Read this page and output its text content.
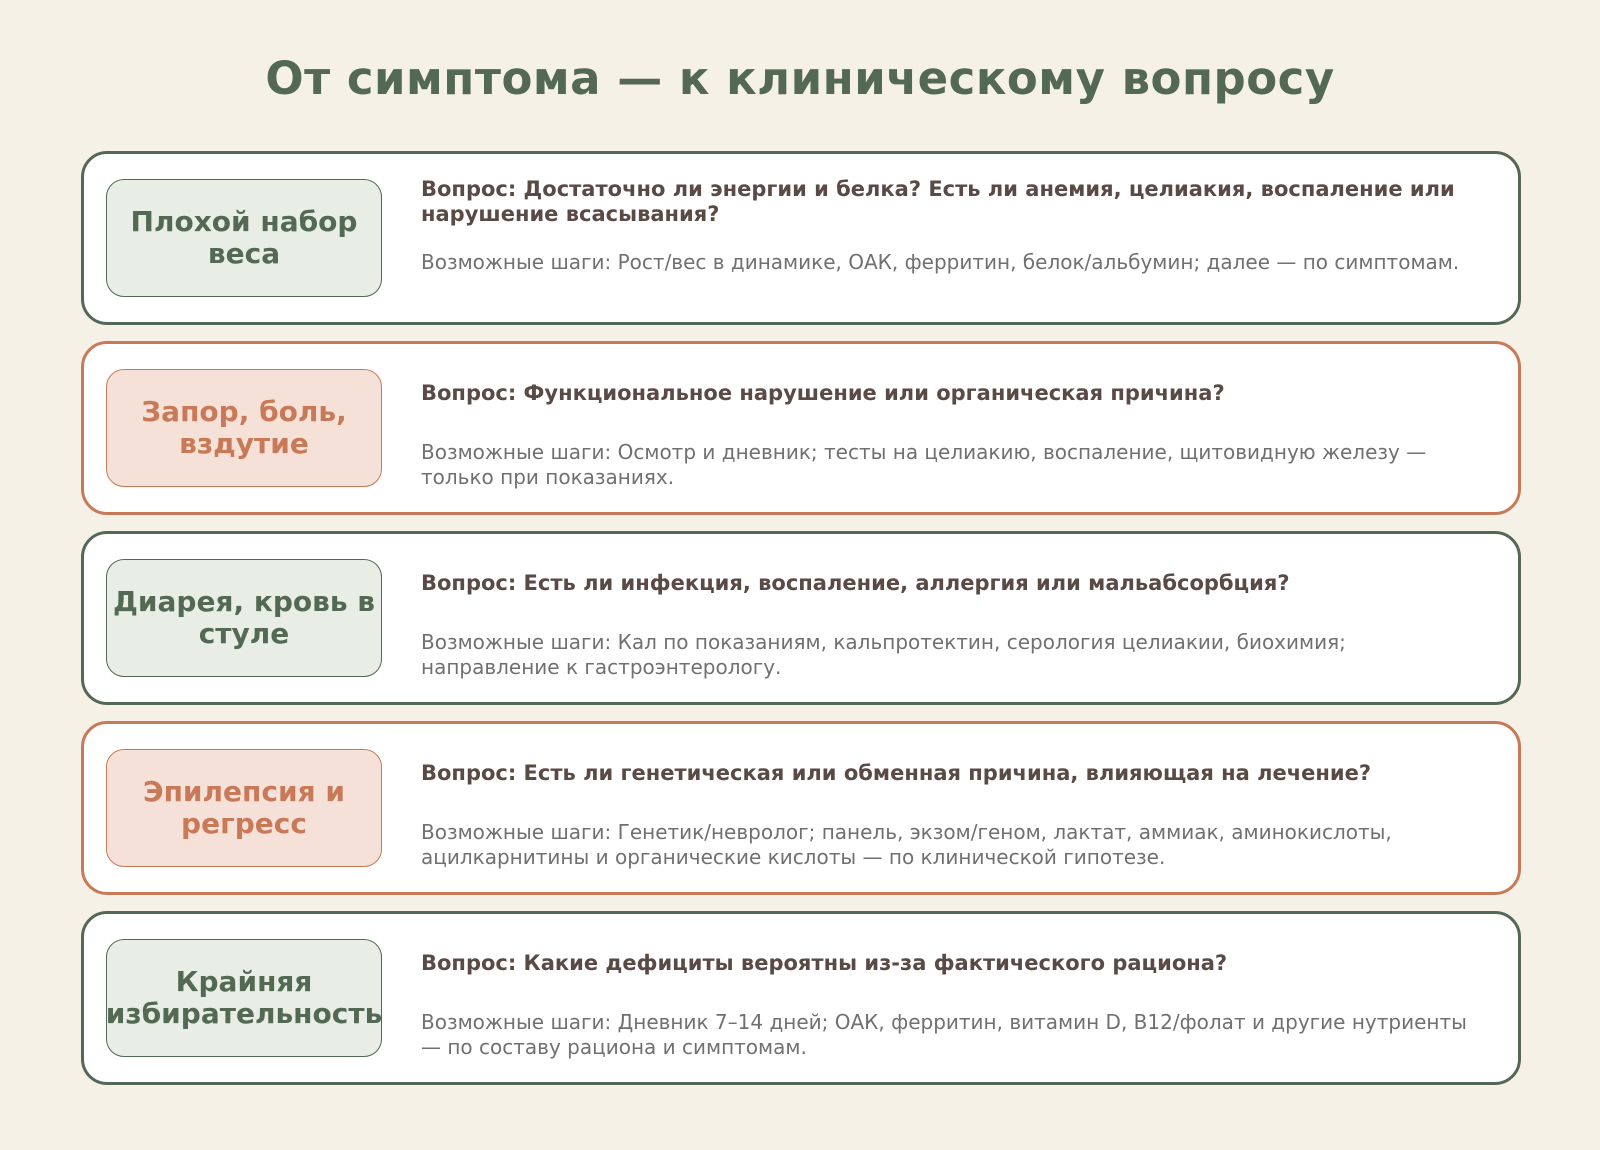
От симптома — к клиническому вопросу
Плохой набор веса
Вопрос: Достаточно ли энергии и белка? Есть ли анемия, целиакия, воспаление или нарушение всасывания?
Возможные шаги: Рост/вес в динамике, ОАК, ферритин, белок/альбумин; далее — по симптомам.
Запор, боль, вздутие
Вопрос: Функциональное нарушение или органическая причина?
Возможные шаги: Осмотр и дневник; тесты на целиакию, воспаление, щитовидную железу — только при показаниях.
Диарея, кровь в стуле
Вопрос: Есть ли инфекция, воспаление, аллергия или мальабсорбция?
Возможные шаги: Кал по показаниям, кальпротектин, серология целиакии, биохимия; направление к гастроэнтерологу.
Эпилепсия и регресс
Вопрос: Есть ли генетическая или обменная причина, влияющая на лечение?
Возможные шаги: Генетик/невролог; панель, экзом/геном, лактат, аммиак, аминокислоты, ацилкарнитины и органические кислоты — по клинической гипотезе.
Крайняя избирательность
Вопрос: Какие дефициты вероятны из-за фактического рациона?
Возможные шаги: Дневник 7–14 дней; ОАК, ферритин, витамин D, B12/фолат и другие нутриенты — по составу рациона и симптомам.
